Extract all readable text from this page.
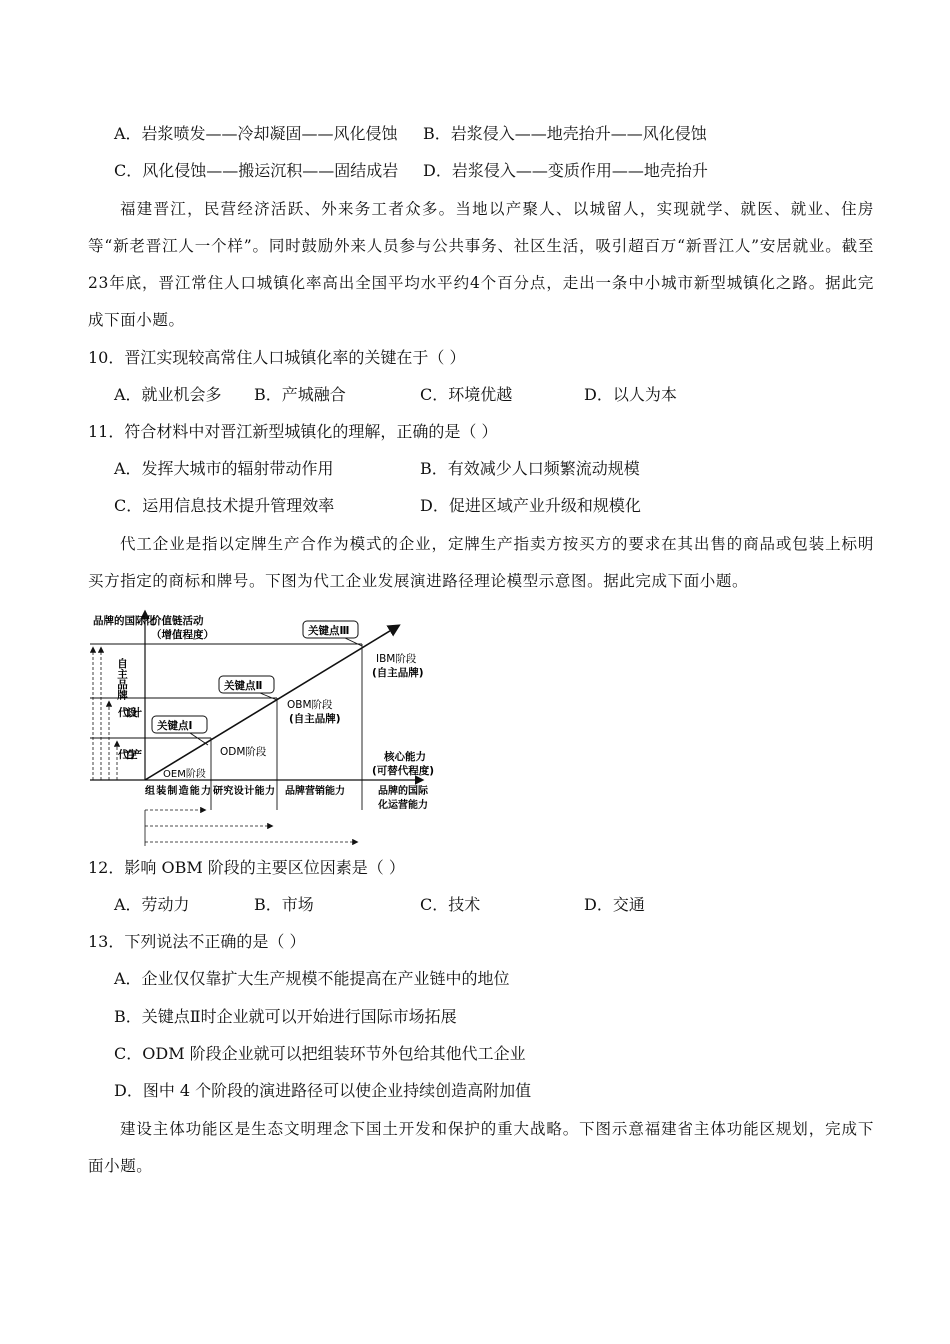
A．岩浆喷发——冷却凝固——风化侵蚀 B．岩浆侵入——地壳抬升——风化侵蚀
C．风化侵蚀——搬运沉积——固结成岩 D．岩浆侵入——变质作用——地壳抬升
福建晋江，民营经济活跃、外来务工者众多。当地以产聚人、以城留人，实现就学、就医、就业、住房等“新老晋江人一个样”。同时鼓励外来人员参与公共事务、社区生活，吸引超百万“新晋江人”安居就业。截至23年底，晋江常住人口城镇化率高出全国平均水平约4个百分点，走出一条中小城市新型城镇化之路。据此完成下面小题。
10．晋江实现较高常住人口城镇化率的关键在于（ ）
A．就业机会多 B．产城融合	C．环境优越	D．以人为本
11．符合材料中对晋江新型城镇化的理解，正确的是（ ）
A．发挥大城市的辐射带动作用	B．有效减少人口频繁流动规模
C．运用信息技术提升管理效率	D．促进区域产业升级和规模化
代工企业是指以定牌生产合作为模式的企业，定牌生产指卖方按买方的要求在其出售的商品或包装上标明买方指定的商标和牌号。下图为代工企业发展演进路径理论模型示意图。据此完成下面小题。
品牌的国际化
价值链活动
（增值程度）
自主品牌
代工设计
代工生产
关键点Ⅰ
关键点Ⅱ
关键点Ⅲ
OEM阶段
ODM阶段
OBM阶段
(自主品牌)
IBM阶段
(自主品牌)
核心能力
(可替代程度)
组装制造能力 研究设计能力 品牌营销能力	品牌的国际
化运营能力
12．影响 OBM 阶段的主要区位因素是（ ）
A．劳动力	B．市场	C．技术	D．交通
13．下列说法不正确的是（ ）
A．企业仅仅靠扩大生产规模不能提高在产业链中的地位
B．关键点Ⅱ时企业就可以开始进行国际市场拓展
C．ODM 阶段企业就可以把组装环节外包给其他代工企业
D．图中 4 个阶段的演进路径可以使企业持续创造高附加值
建设主体功能区是生态文明理念下国土开发和保护的重大战略。下图示意福建省主体功能区规划，完成下面小题。
